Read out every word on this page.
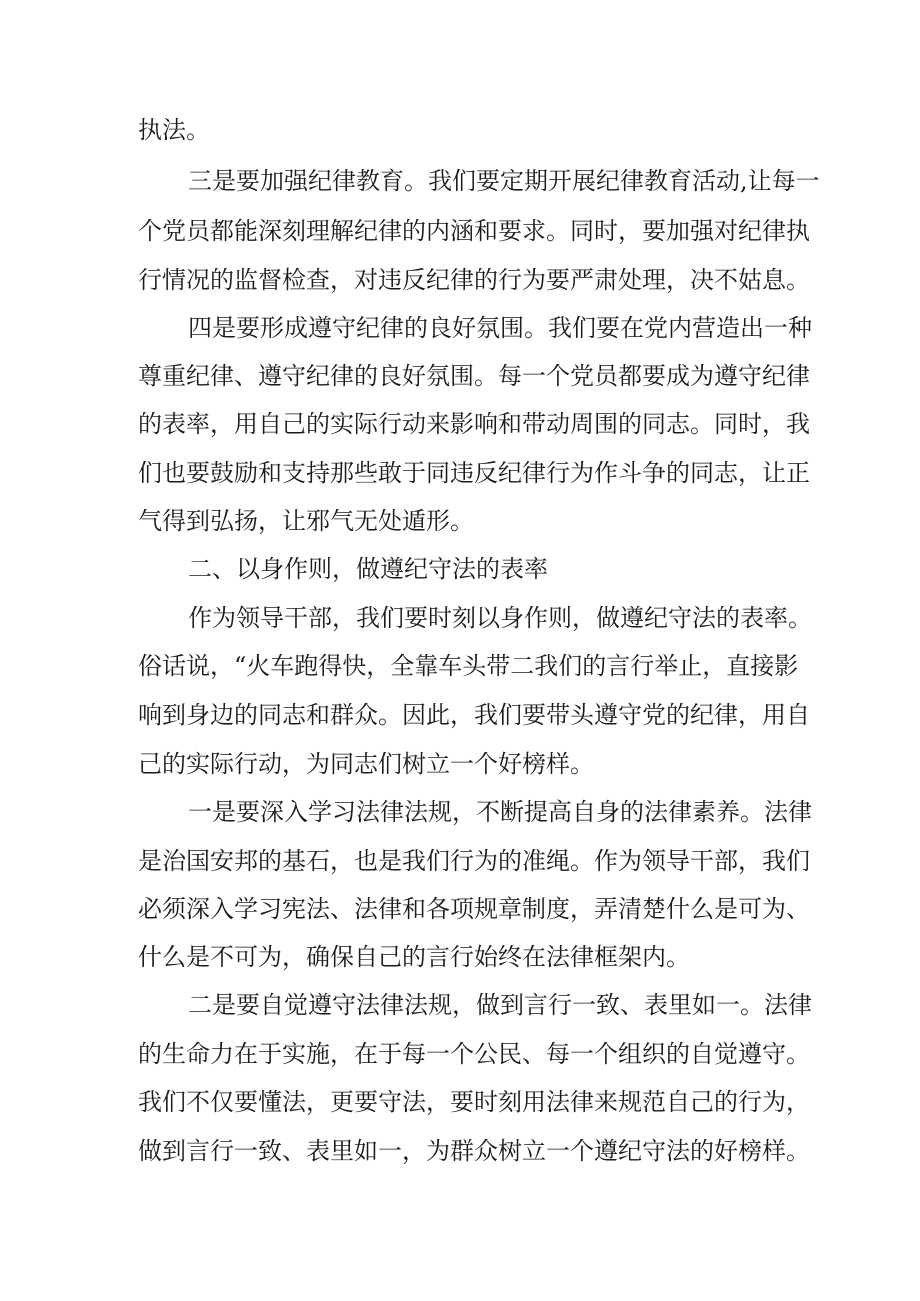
执法。
三是要加强纪律教育。我们要定期开展纪律教育活动,让每一
个党员都能深刻理解纪律的内涵和要求。同时，要加强对纪律执
行情况的监督检查，对违反纪律的行为要严肃处理，决不姑息。
四是要形成遵守纪律的良好氛围。我们要在党内营造出一种
尊重纪律、遵守纪律的良好氛围。每一个党员都要成为遵守纪律
的表率，用自己的实际行动来影响和带动周围的同志。同时，我
们也要鼓励和支持那些敢于同违反纪律行为作斗争的同志，让正
气得到弘扬，让邪气无处遁形。
二、以身作则，做遵纪守法的表率
作为领导干部，我们要时刻以身作则，做遵纪守法的表率。
俗话说，“火车跑得快，全靠车头带二我们的言行举止，直接影
响到身边的同志和群众。因此，我们要带头遵守党的纪律，用自
己的实际行动，为同志们树立一个好榜样。
一是要深入学习法律法规，不断提高自身的法律素养。法律
是治国安邦的基石，也是我们行为的准绳。作为领导干部，我们
必须深入学习宪法、法律和各项规章制度，弄清楚什么是可为、
什么是不可为，确保自己的言行始终在法律框架内。
二是要自觉遵守法律法规，做到言行一致、表里如一。法律
的生命力在于实施，在于每一个公民、每一个组织的自觉遵守。
我们不仅要懂法，更要守法，要时刻用法律来规范自己的行为，
做到言行一致、表里如一，为群众树立一个遵纪守法的好榜样。
